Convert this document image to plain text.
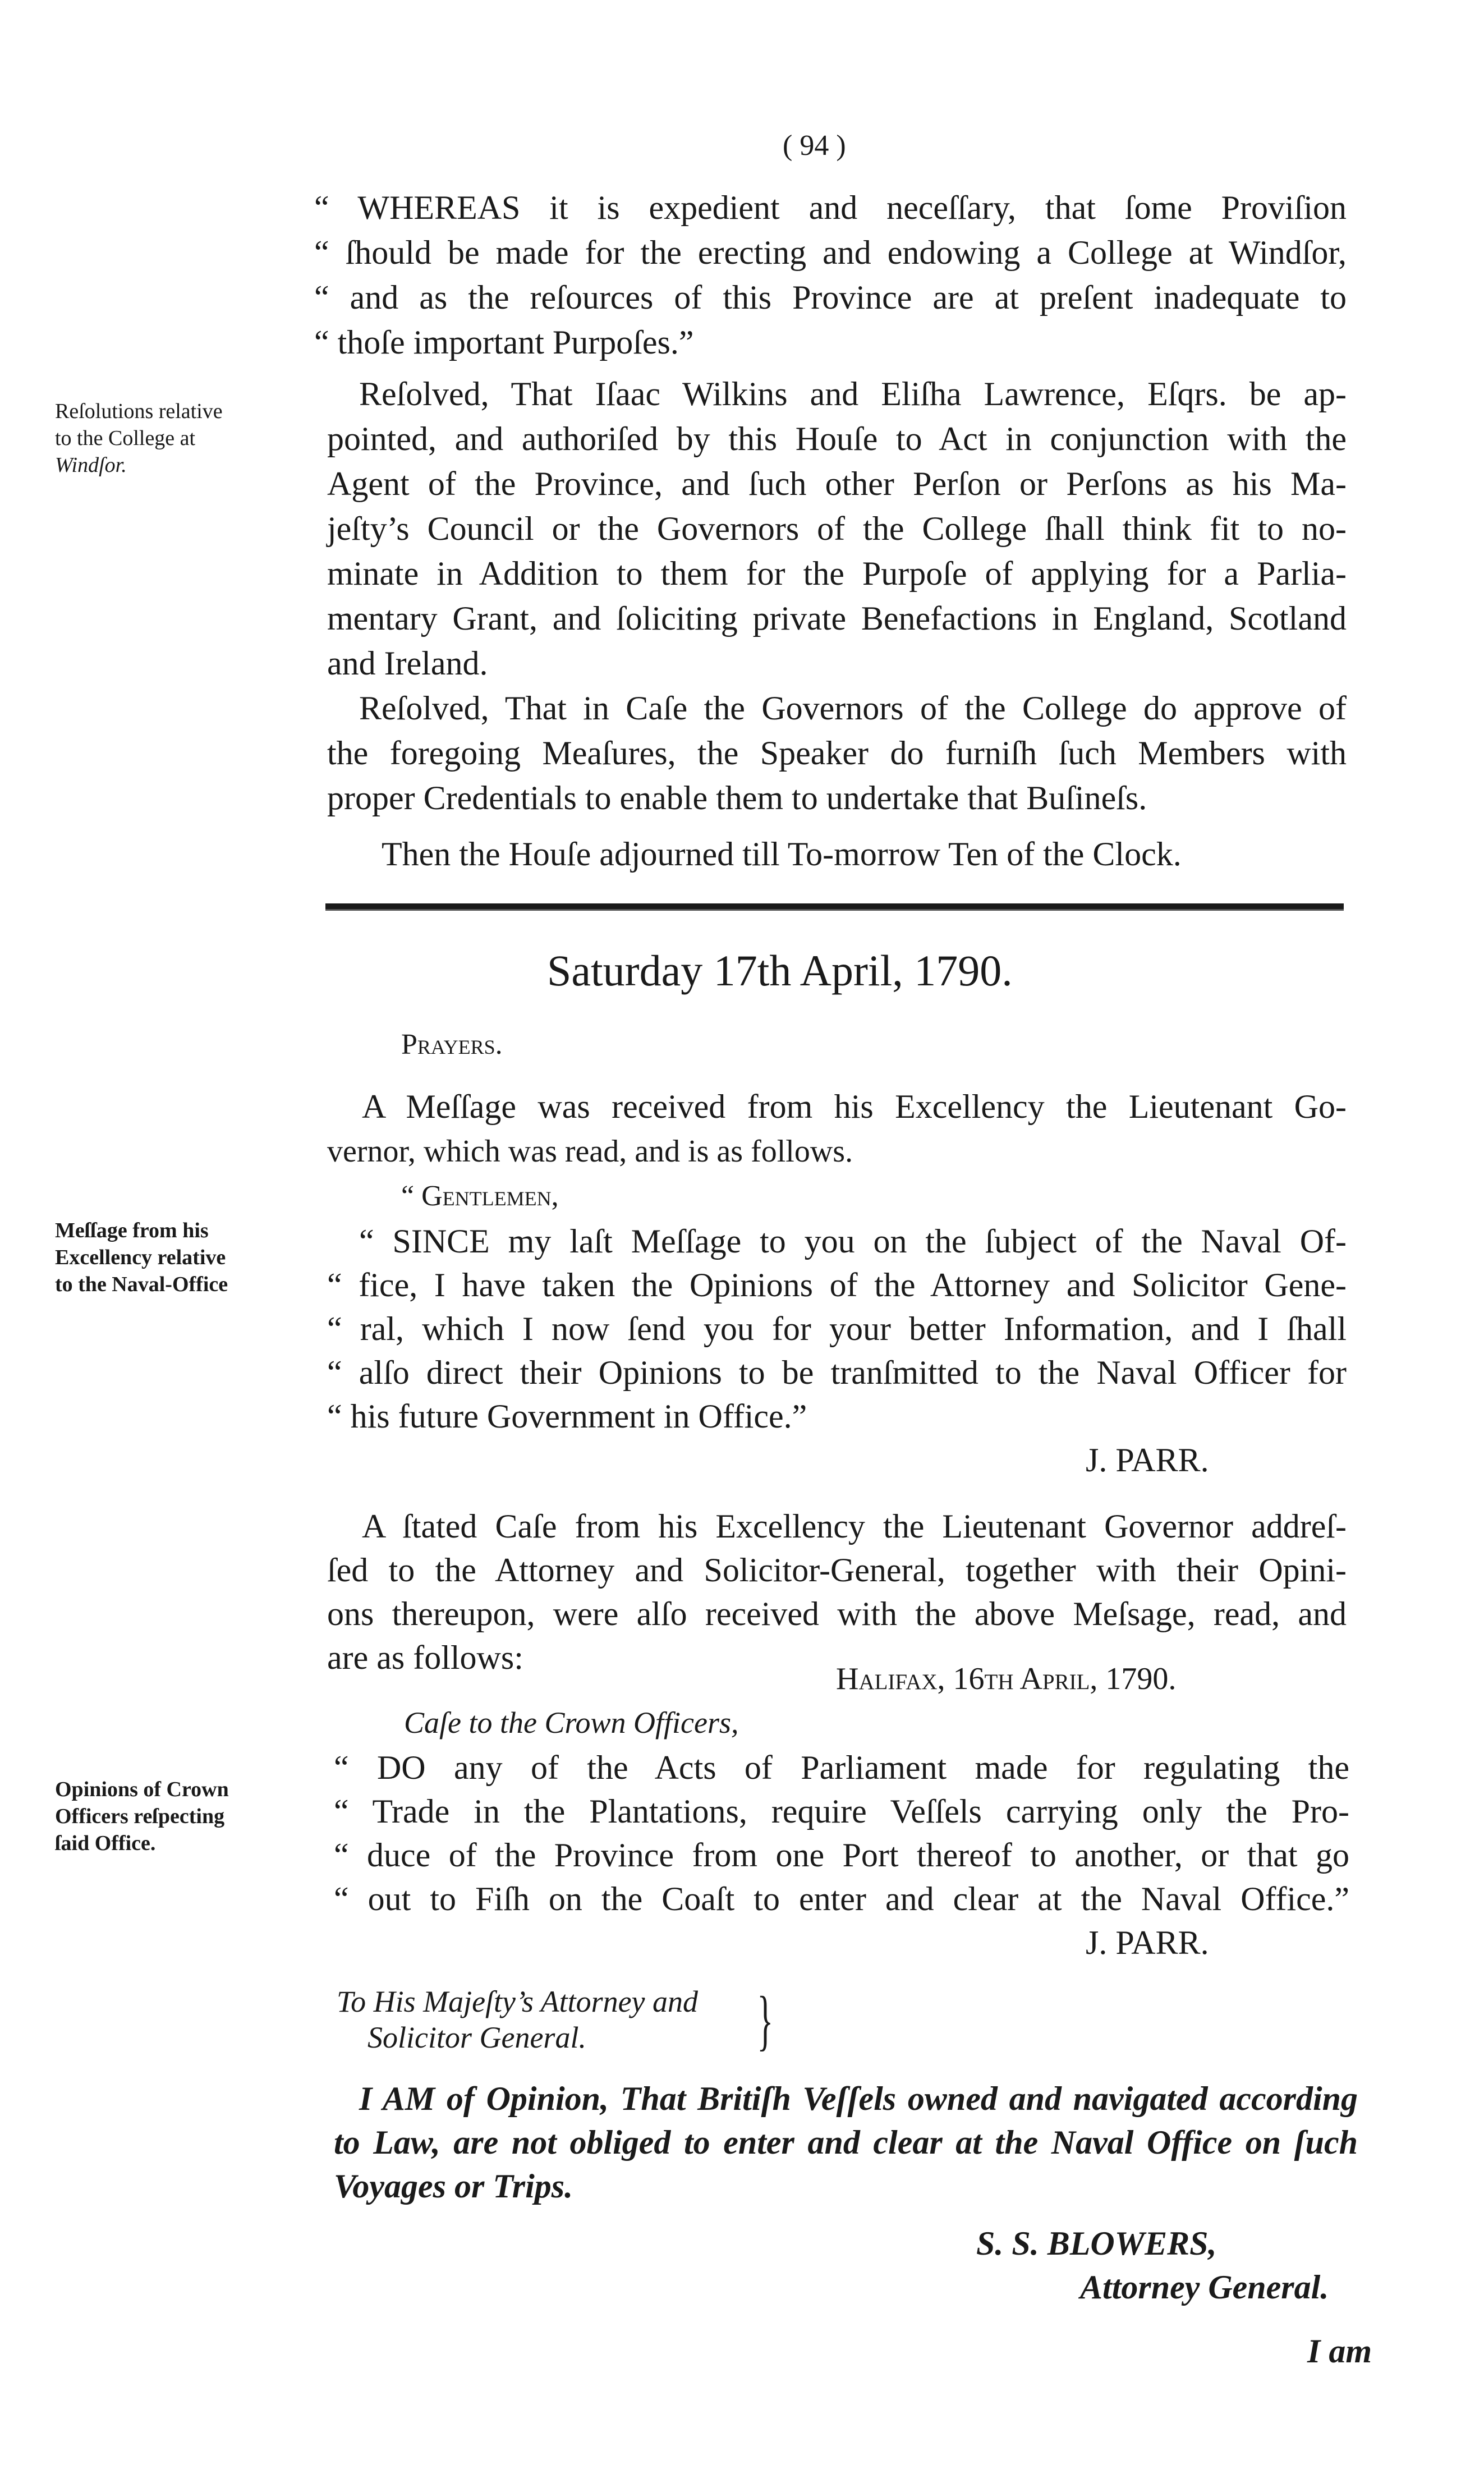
( 94 )
“ WHEREAS it is expedient and neceſſary, that ſome Proviſion
“ ſhould be made for the erecting and endowing a College at Windſor,
“ and as the reſources of this Province are at preſent inadequate to
“ thoſe important Purpoſes.”
Reſolutions relative
to the College at
Windſor.
Reſolved, That Iſaac Wilkins and Eliſha Lawrence, Eſqrs. be ap-
pointed, and authoriſed by this Houſe to Act in conjunction with the
Agent of the Province, and ſuch other Perſon or Perſons as his Ma-
jeſty’s Council or the Governors of the College ſhall think fit to no-
minate in Addition to them for the Purpoſe of applying for a Parlia-
mentary Grant, and ſoliciting private Benefactions in England, Scotland
and Ireland.
Reſolved, That in Caſe the Governors of the College do approve of
the foregoing Meaſures, the Speaker do furniſh ſuch Members with
proper Credentials to enable them to undertake that Buſineſs.
Then the Houſe adjourned till To-morrow Ten of the Clock.
Saturday 17th April, 1790.
Prayers.
A Meſſage was received from his Excellency the Lieutenant Go-
vernor, which was read, and is as follows.
“ Gentlemen,
Meſſage from his
Excellency relative
to the Naval-Office
“ SINCE my laſt Meſſage to you on the ſubject of the Naval Of-
“ fice, I have taken the Opinions of the Attorney and Solicitor Gene-
“ ral, which I now ſend you for your better Information, and I ſhall
“ alſo direct their Opinions to be tranſmitted to the Naval Officer for
“ his future Government in Office.”
J. PARR.
A ſtated Caſe from his Excellency the Lieutenant Governor addreſ-
ſed to the Attorney and Solicitor-General, together with their Opini-
ons thereupon, were alſo received with the above Meſsage, read, and
are as follows:
Halifax, 16th April, 1790.
Caſe to the Crown Officers,
Opinions of Crown
Officers reſpecting
ſaid Office.
“ DO any of the Acts of Parliament made for regulating the
“ Trade in the Plantations, require Veſſels carrying only the Pro-
“ duce of the Province from one Port thereof to another, or that go
“ out to Fiſh on the Coaſt to enter and clear at the Naval Office.”
J. PARR.
To His Majeſty’s Attorney and
Solicitor General.	}
I AM of Opinion, That Britiſh Veſſels owned and navigated according
to Law, are not obliged to enter and clear at the Naval Office on ſuch
Voyages or Trips.
S. S. BLOWERS,
Attorney General.
I am
